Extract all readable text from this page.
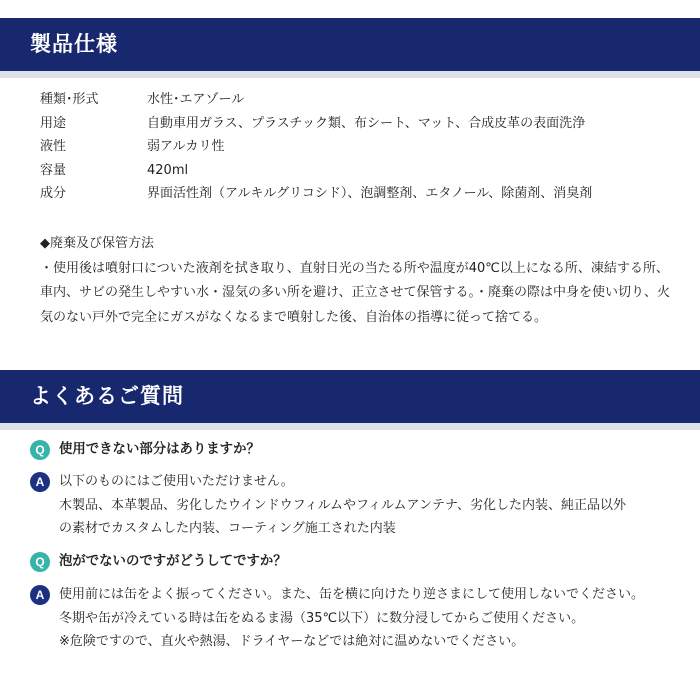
製品仕様
種類･形式	水性･エアゾール
用途	自動車用ガラス、プラスチック類、布シート、マット、合成皮革の表面洗浄
液性	弱アルカリ性
容量	420ml
成分	界面活性剤（アルキルグリコシド）、泡調整剤、エタノール、除菌剤、消臭剤
◆廃棄及び保管方法
・使用後は噴射口についた液剤を拭き取り、直射日光の当たる所や温度が40℃以上になる所、凍結する所、車内、サビの発生しやすい水・湿気の多い所を避け、正立させて保管する。・廃棄の際は中身を使い切り、火気のない戸外で完全にガスがなくなるまで噴射した後、自治体の指導に従って捨てる。
よくあるご質問
Q	使用できない部分はありますか？
A	以下のものにはご使用いただけません。
木製品、本革製品、劣化したウインドウフィルムやフィルムアンテナ、劣化した内装、純正品以外
の素材でカスタムした内装、コーティング施工された内装
Q	泡がでないのですがどうしてですか？
A	使用前には缶をよく振ってください。また、缶を横に向けたり逆さまにして使用しないでください。
冬期や缶が冷えている時は缶をぬるま湯（35℃以下）に数分浸してからご使用ください。
※危険ですので、直火や熱湯、ドライヤーなどでは絶対に温めないでください。
